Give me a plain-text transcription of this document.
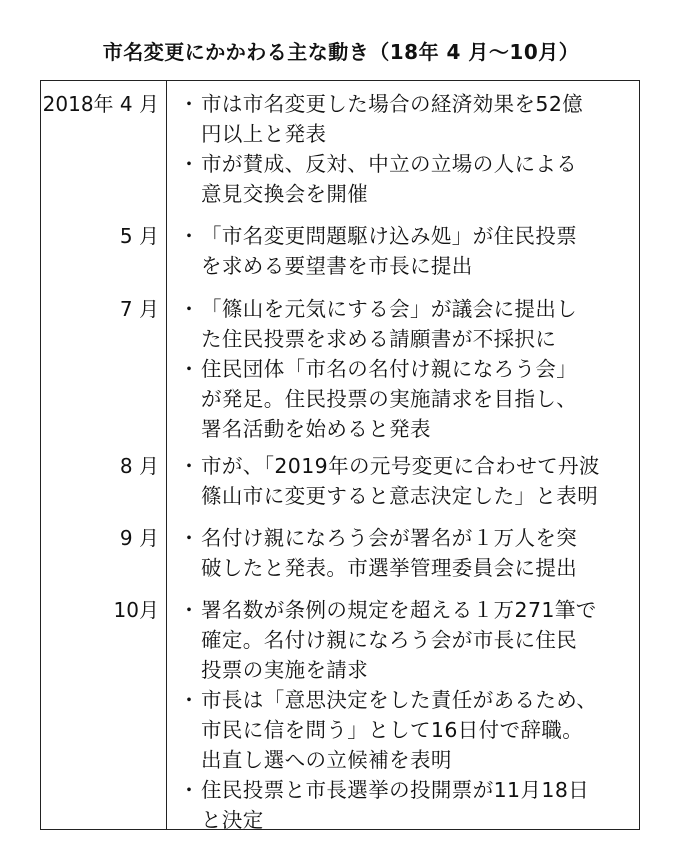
市名変更にかかわる主な動き（18年 4 月〜10月）
2018年 4 月 ・ 市は市名変更した場合の経済効果を52億
円以上と発表
・ 市が賛成、反対、中立の立場の人による
意見交換会を開催
5 月 ・ 「市名変更問題駆け込み処」が住民投票
を求める要望書を市長に提出
7 月 ・ 「篠山を元気にする会」が議会に提出し
た住民投票を求める請願書が不採択に
・ 住民団体「市名の名付け親になろう会」
が発足。住民投票の実施請求を目指し、
署名活動を始めると発表
8 月 ・ 市が、「2019年の元号変更に合わせて丹波
篠山市に変更すると意志決定した」と表明
9 月 ・ 名付け親になろう会が署名が１万人を突
破したと発表。市選挙管理委員会に提出
10月 ・ 署名数が条例の規定を超える１万271筆で
確定。名付け親になろう会が市長に住民
投票の実施を請求
・ 市長は「意思決定をした責任があるため、
市民に信を問う」として16日付で辞職。
出直し選への立候補を表明
・ 住民投票と市長選挙の投開票が11月18日
と決定
